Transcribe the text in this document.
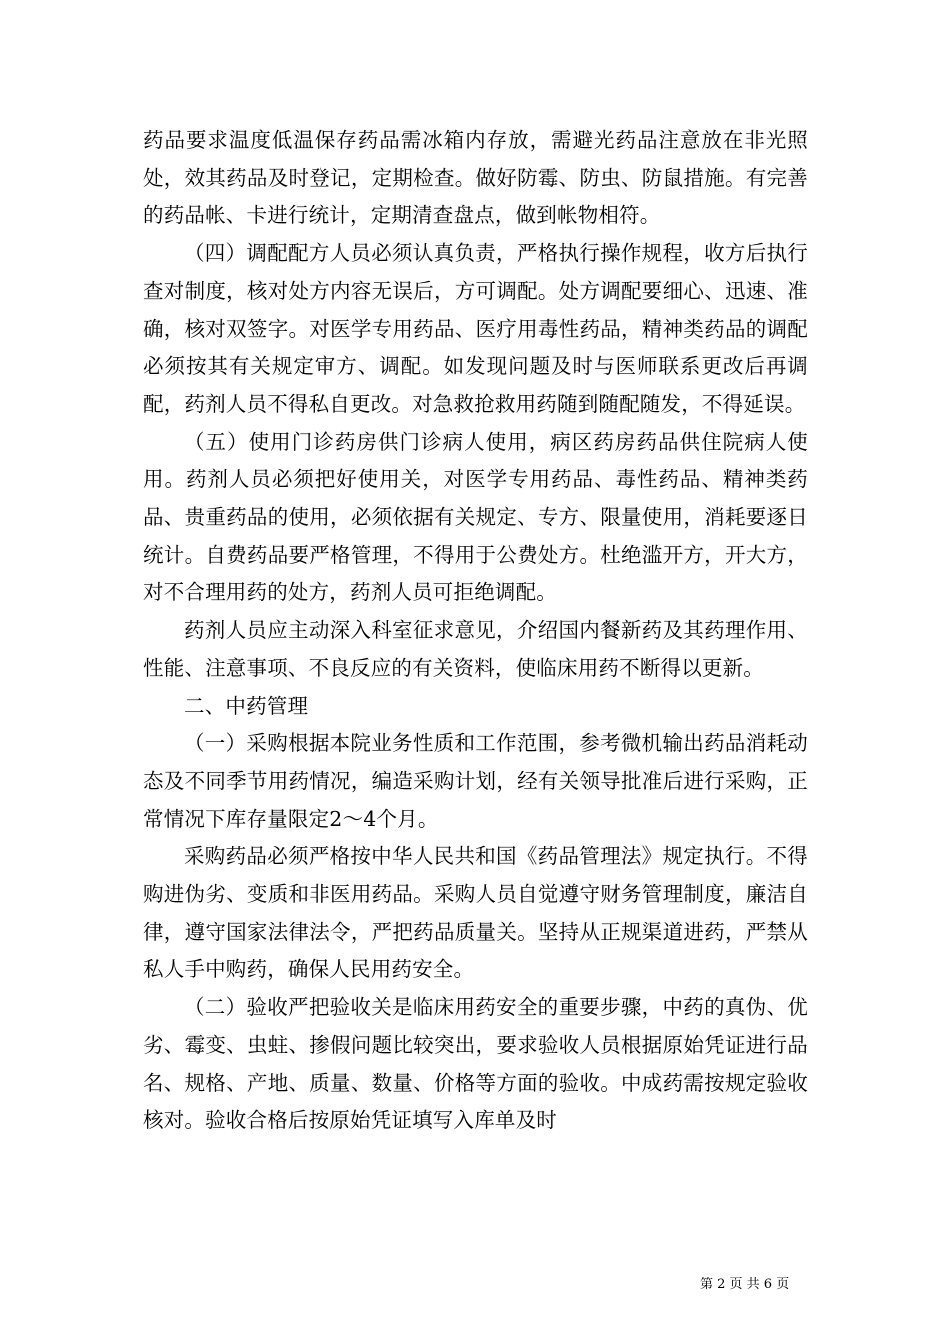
药品要求温度低温保存药品需冰箱内存放，需避光药品注意放在非光照处，效其药品及时登记，定期检查。做好防霉、防虫、防鼠措施。有完善的药品帐、卡进行统计，定期清查盘点，做到帐物相符。

（四）调配配方人员必须认真负责，严格执行操作规程，收方后执行查对制度，核对处方内容无误后，方可调配。处方调配要细心、迅速、准确，核对双签字。对医学专用药品、医疗用毒性药品，精神类药品的调配必须按其有关规定审方、调配。如发现问题及时与医师联系更改后再调配，药剂人员不得私自更改。对急救抢救用药随到随配随发，不得延误。

（五）使用门诊药房供门诊病人使用，病区药房药品供住院病人使用。药剂人员必须把好使用关，对医学专用药品、毒性药品、精神类药品、贵重药品的使用，必须依据有关规定、专方、限量使用，消耗要逐日统计。自费药品要严格管理，不得用于公费处方。杜绝滥开方，开大方，对不合理用药的处方，药剂人员可拒绝调配。

药剂人员应主动深入科室征求意见，介绍国内餐新药及其药理作用、性能、注意事项、不良反应的有关资料，使临床用药不断得以更新。

二、中药管理

（一）采购根据本院业务性质和工作范围，参考微机输出药品消耗动态及不同季节用药情况，编造采购计划，经有关领导批准后进行采购，正常情况下库存量限定2～4个月。

采购药品必须严格按中华人民共和国《药品管理法》规定执行。不得购进伪劣、变质和非医用药品。采购人员自觉遵守财务管理制度，廉洁自律，遵守国家法律法令，严把药品质量关。坚持从正规渠道进药，严禁从私人手中购药，确保人民用药安全。

（二）验收严把验收关是临床用药安全的重要步骤，中药的真伪、优劣、霉变、虫蛀、掺假问题比较突出，要求验收人员根据原始凭证进行品名、规格、产地、质量、数量、价格等方面的验收。中成药需按规定验收核对。验收合格后按原始凭证填写入库单及时

第 2 页 共 6 页
